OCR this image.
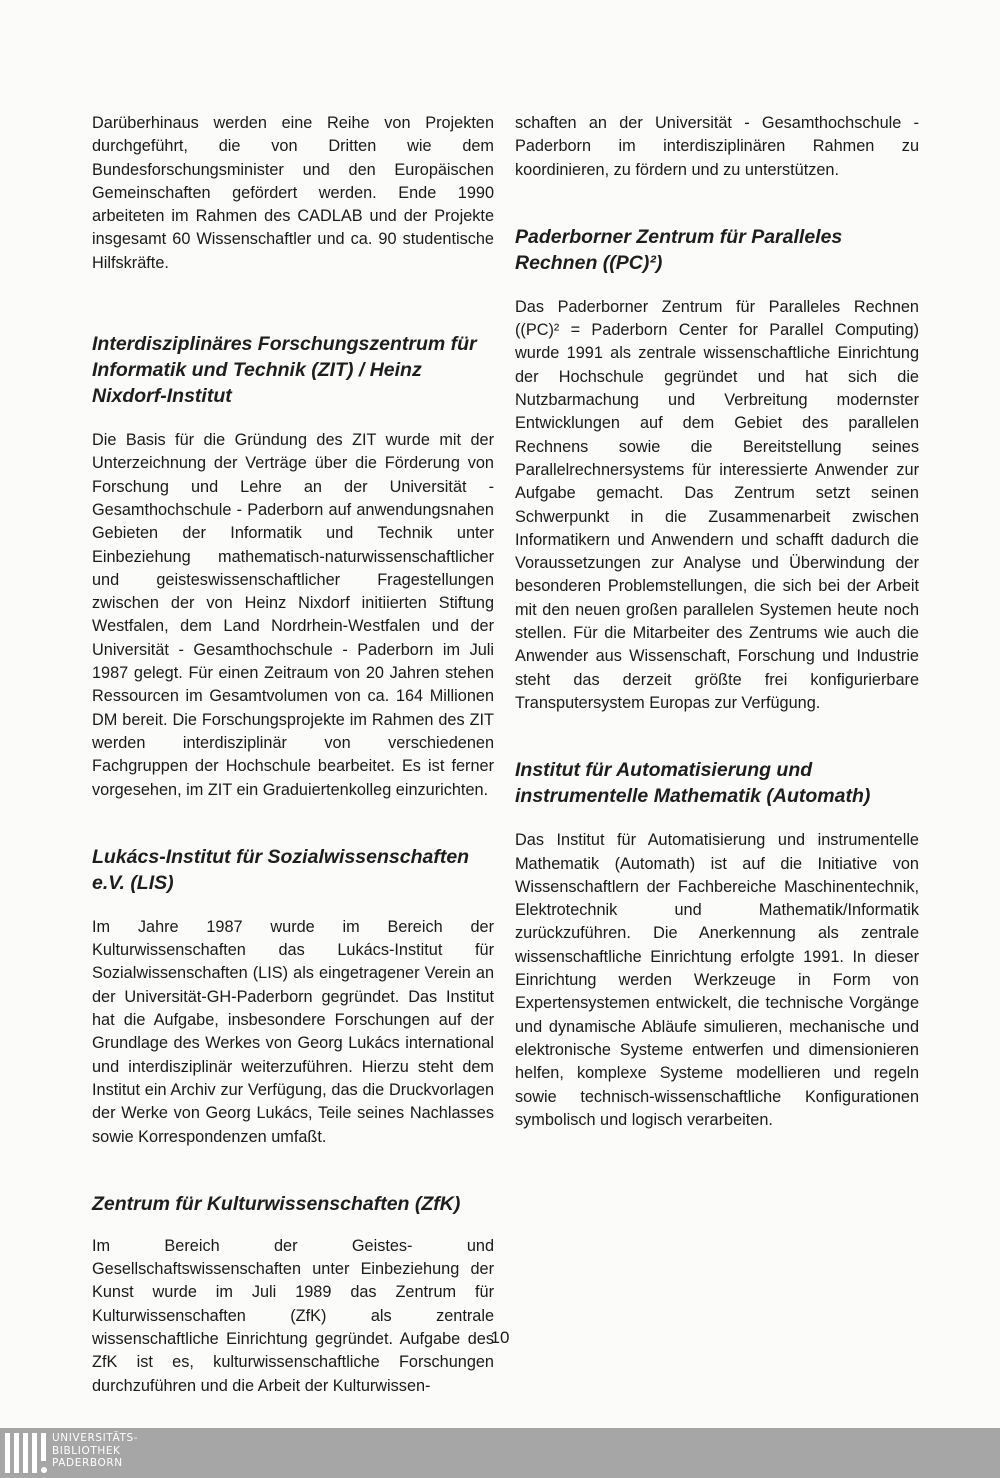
Darüberhinaus werden eine Reihe von Projekten durchgeführt, die von Dritten wie dem Bundesforschungsminister und den Europäischen Gemeinschaften gefördert werden. Ende 1990 arbeiteten im Rahmen des CADLAB und der Projekte insgesamt 60 Wissenschaftler und ca. 90 studentische Hilfskräfte.

Interdisziplinäres Forschungszentrum für Informatik und Technik (ZIT) / Heinz Nixdorf-Institut

Die Basis für die Gründung des ZIT wurde mit der Unterzeichnung der Verträge über die Förderung von Forschung und Lehre an der Universität - Gesamthochschule - Paderborn auf anwendungsnahen Gebieten der Informatik und Technik unter Einbeziehung mathematisch-naturwissenschaftlicher und geisteswissenschaftlicher Fragestellungen zwischen der von Heinz Nixdorf initiierten Stiftung Westfalen, dem Land Nordrhein-Westfalen und der Universität - Gesamthochschule - Paderborn im Juli 1987 gelegt. Für einen Zeitraum von 20 Jahren stehen Ressourcen im Gesamtvolumen von ca. 164 Millionen DM bereit. Die Forschungsprojekte im Rahmen des ZIT werden interdisziplinär von verschiedenen Fachgruppen der Hochschule bearbeitet. Es ist ferner vorgesehen, im ZIT ein Graduiertenkolleg einzurichten.

Lukács-Institut für Sozialwissenschaften e.V. (LIS)

Im Jahre 1987 wurde im Bereich der Kulturwissenschaften das Lukács-Institut für Sozialwissenschaften (LIS) als eingetragener Verein an der Universität-GH-Paderborn gegründet. Das Institut hat die Aufgabe, insbesondere Forschungen auf der Grundlage des Werkes von Georg Lukács international und interdisziplinär weiterzuführen. Hierzu steht dem Institut ein Archiv zur Verfügung, das die Druckvorlagen der Werke von Georg Lukács, Teile seines Nachlasses sowie Korrespondenzen umfaßt.

Zentrum für Kulturwissenschaften (ZfK)

Im Bereich der Geistes- und Gesellschaftswissenschaften unter Einbeziehung der Kunst wurde im Juli 1989 das Zentrum für Kulturwissenschaften (ZfK) als zentrale wissenschaftliche Einrichtung gegründet. Aufgabe des ZfK ist es, kulturwissenschaftliche Forschungen durchzuführen und die Arbeit der Kulturwissen-

schaften an der Universität - Gesamthochschule - Paderborn im interdisziplinären Rahmen zu koordinieren, zu fördern und zu unterstützen.

Paderborner Zentrum für Paralleles Rechnen ((PC)²)

Das Paderborner Zentrum für Paralleles Rechnen ((PC)² = Paderborn Center for Parallel Computing) wurde 1991 als zentrale wissenschaftliche Einrichtung der Hochschule gegründet und hat sich die Nutzbarmachung und Verbreitung modernster Entwicklungen auf dem Gebiet des parallelen Rechnens sowie die Bereitstellung seines Parallelrechnersystems für interessierte Anwender zur Aufgabe gemacht. Das Zentrum setzt seinen Schwerpunkt in die Zusammenarbeit zwischen Informatikern und Anwendern und schafft dadurch die Voraussetzungen zur Analyse und Überwindung der besonderen Problemstellungen, die sich bei der Arbeit mit den neuen großen parallelen Systemen heute noch stellen. Für die Mitarbeiter des Zentrums wie auch die Anwender aus Wissenschaft, Forschung und Industrie steht das derzeit größte frei konfigurierbare Transputersystem Europas zur Verfügung.

Institut für Automatisierung und instrumentelle Mathematik (Automath)

Das Institut für Automatisierung und instrumentelle Mathematik (Automath) ist auf die Initiative von Wissenschaftlern der Fachbereiche Maschinentechnik, Elektrotechnik und Mathematik/Informatik zurückzuführen. Die Anerkennung als zentrale wissenschaftliche Einrichtung erfolgte 1991. In dieser Einrichtung werden Werkzeuge in Form von Expertensystemen entwickelt, die technische Vorgänge und dynamische Abläufe simulieren, mechanische und elektronische Systeme entwerfen und dimensionieren helfen, komplexe Systeme modellieren und regeln sowie technisch-wissenschaftliche Konfigurationen symbolisch und logisch verarbeiten.

10
UNIVERSITÄTS-
BIBLIOTHEK
PADERBORN
